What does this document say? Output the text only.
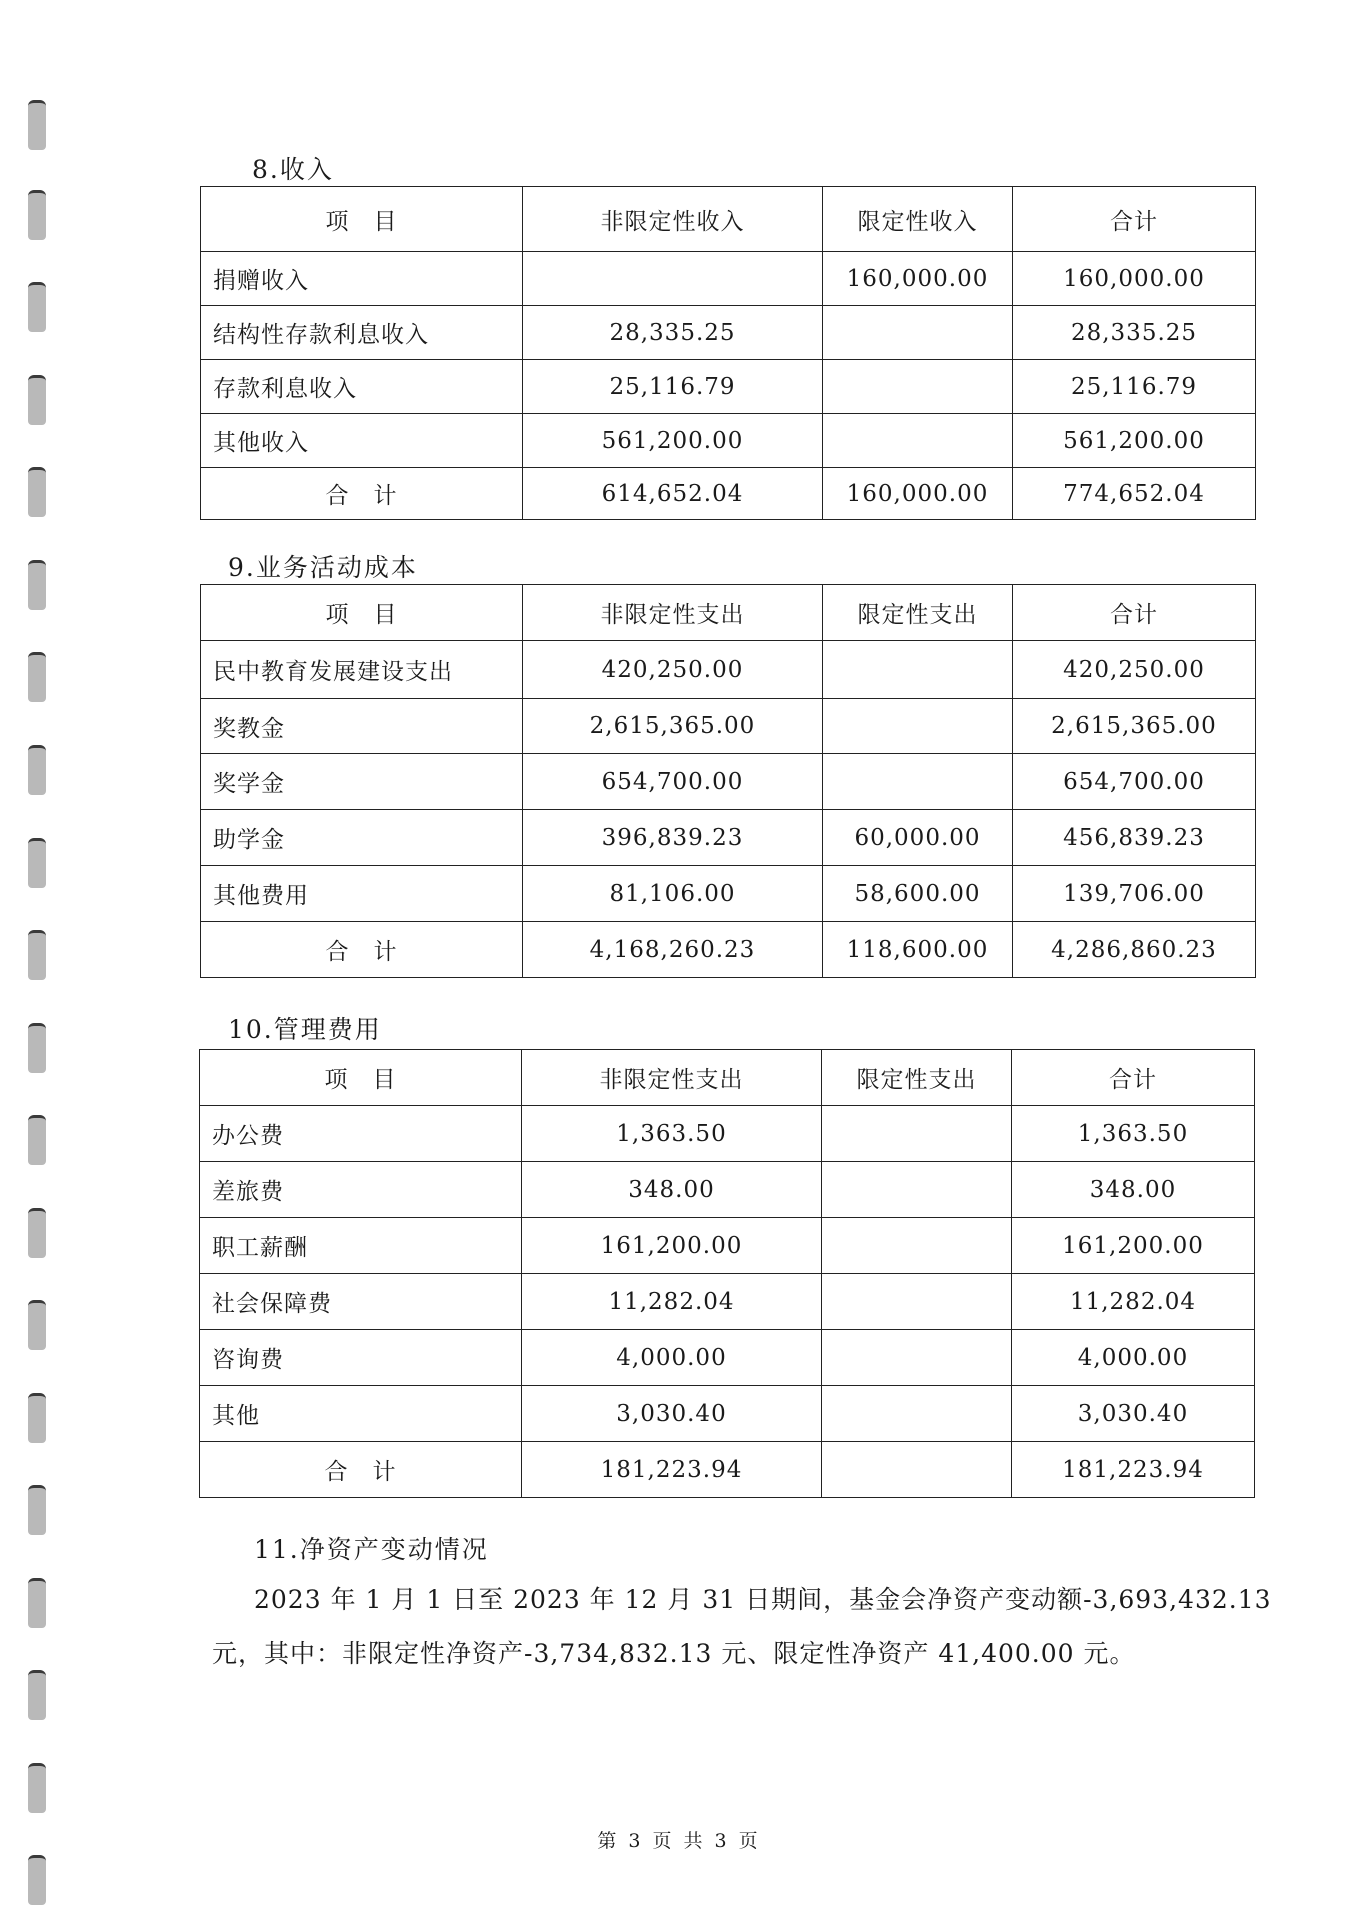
8.收入
项　目	非限定性收入	限定性收入	合计
捐赠收入		160,000.00	160,000.00
结构性存款利息收入	28,335.25		28,335.25
存款利息收入	25,116.79		25,116.79
其他收入	561,200.00		561,200.00
合　计	614,652.04	160,000.00	774,652.04
9.业务活动成本
项　目	非限定性支出	限定性支出	合计
民中教育发展建设支出	420,250.00		420,250.00
奖教金	2,615,365.00		2,615,365.00
奖学金	654,700.00		654,700.00
助学金	396,839.23	60,000.00	456,839.23
其他费用	81,106.00	58,600.00	139,706.00
合　计	4,168,260.23	118,600.00	4,286,860.23
10.管理费用
项　目	非限定性支出	限定性支出	合计
办公费	1,363.50		1,363.50
差旅费	348.00		348.00
职工薪酬	161,200.00		161,200.00
社会保障费	11,282.04		11,282.04
咨询费	4,000.00		4,000.00
其他	3,030.40		3,030.40
合　计	181,223.94		181,223.94
11.净资产变动情况
2023 年 1 月 1 日至 2023 年 12 月 31 日期间，基金会净资产变动额-3,693,432.13
元，其中：非限定性净资产-3,734,832.13 元、限定性净资产 41,400.00 元。
第 3 页 共 3 页
